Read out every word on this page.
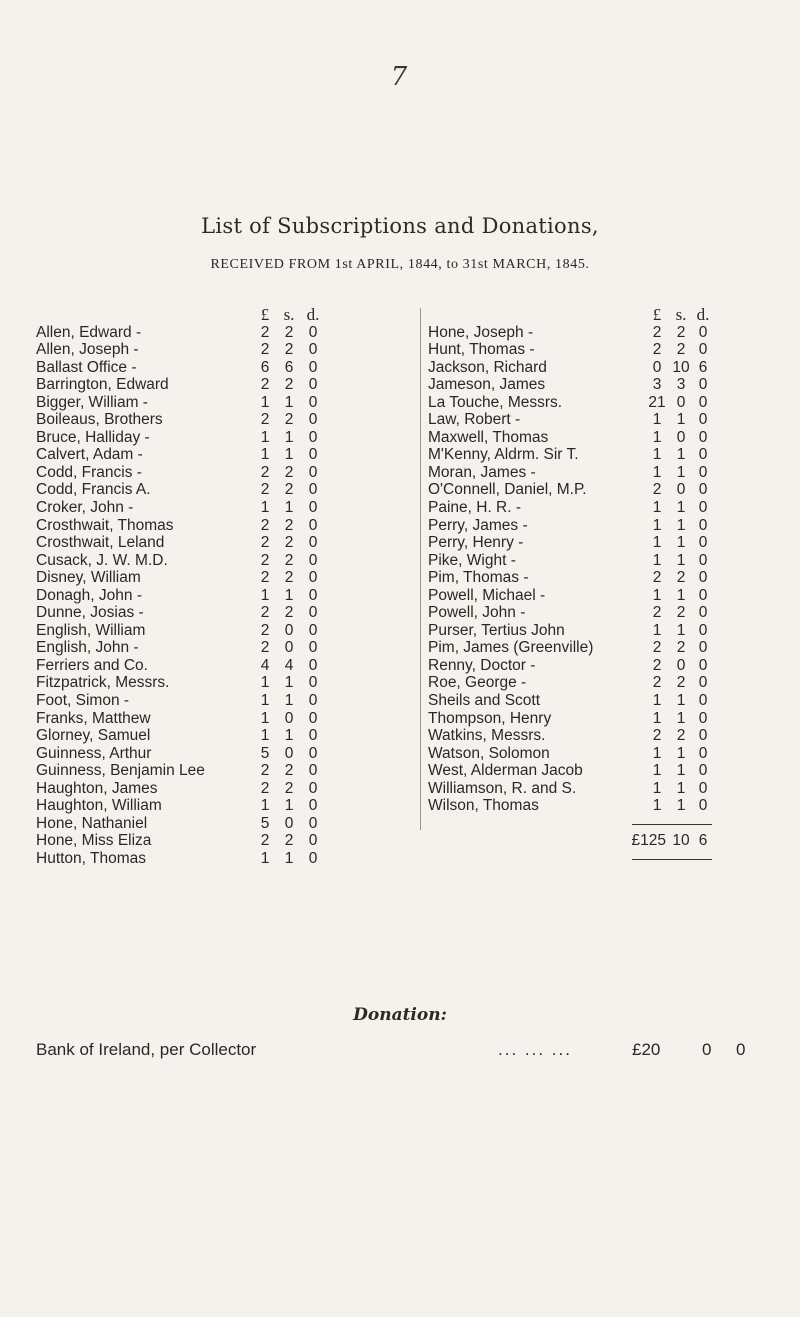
7
List of Subscriptions and Donations,
RECEIVED FROM 1st APRIL, 1844, to 31st MARCH, 1845.
£ s. d.
Allen, Edward -	2 2 0
Allen, Joseph -	2 2 0
Ballast Office -	6 6 0
Barrington, Edward	2 2 0
Bigger, William -	1 1 0
Boileaus, Brothers	2 2 0
Bruce, Halliday -	1 1 0
Calvert, Adam -	1 1 0
Codd, Francis -	2 2 0
Codd, Francis A.	2 2 0
Croker, John -	1 1 0
Crosthwait, Thomas	2 2 0
Crosthwait, Leland	2 2 0
Cusack, J. W. M.D.	2 2 0
Disney, William	2 2 0
Donagh, John -	1 1 0
Dunne, Josias -	2 2 0
English, William	2 0 0
English, John -	2 0 0
Ferriers and Co.	4 4 0
Fitzpatrick, Messrs.	1 1 0
Foot, Simon -	1 1 0
Franks, Matthew	1 0 0
Glorney, Samuel	1 1 0
Guinness, Arthur	5 0 0
Guinness, Benjamin Lee	2 2 0
Haughton, James	2 2 0
Haughton, William	1 1 0
Hone, Nathaniel	5 0 0
Hone, Miss Eliza	2 2 0
Hutton, Thomas	1 1 0
£ s. d.
Hone, Joseph -	2 2 0
Hunt, Thomas -	2 2 0
Jackson, Richard	0 10 6
Jameson, James	3 3 0
La Touche, Messrs.	21 0 0
Law, Robert -	1 1 0
Maxwell, Thomas	1 0 0
M'Kenny, Aldrm. Sir T.	1 1 0
Moran, James -	1 1 0
O'Connell, Daniel, M.P.	2 0 0
Paine, H. R. -	1 1 0
Perry, James -	1 1 0
Perry, Henry -	1 1 0
Pike, Wight -	1 1 0
Pim, Thomas -	2 2 0
Powell, Michael -	1 1 0
Powell, John -	2 2 0
Purser, Tertius John	1 1 0
Pim, James (Greenville)	2 2 0
Renny, Doctor -	2 0 0
Roe, George -	2 2 0
Sheils and Scott	1 1 0
Thompson, Henry	1 1 0
Watkins, Messrs.	2 2 0
Watson, Solomon	1 1 0
West, Alderman Jacob	1 1 0
Williamson, R. and S.	1 1 0
Wilson, Thomas	1 1 0
£125 10 6
Donation:
Bank of Ireland, per Collector	... ... ...	£20 0 0
